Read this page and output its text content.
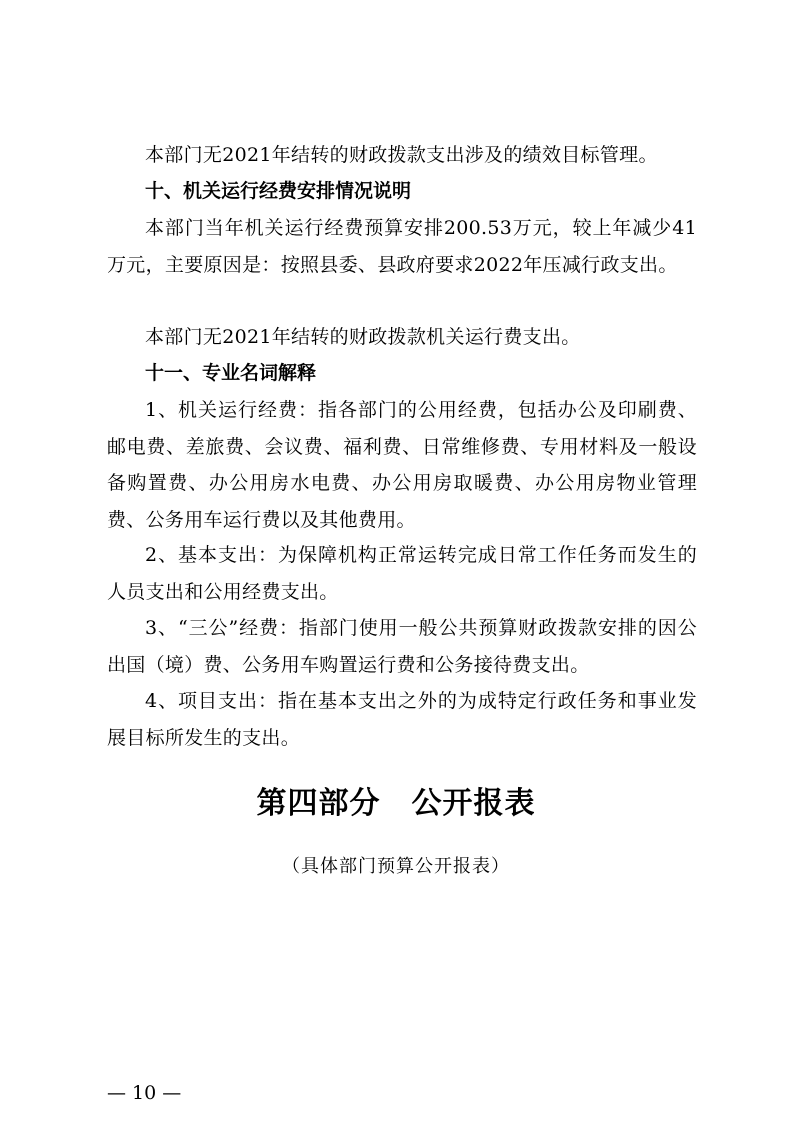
本部门无2021年结转的财政拨款支出涉及的绩效目标管理。

十、机关运行经费安排情况说明

本部门当年机关运行经费预算安排200.53万元，较上年减少41万元，主要原因是：按照县委、县政府要求2022年压减行政支出。

本部门无2021年结转的财政拨款机关运行费支出。

十一、专业名词解释

1、机关运行经费：指各部门的公用经费，包括办公及印刷费、邮电费、差旅费、会议费、福利费、日常维修费、专用材料及一般设备购置费、办公用房水电费、办公用房取暖费、办公用房物业管理费、公务用车运行费以及其他费用。

2、基本支出：为保障机构正常运转完成日常工作任务而发生的人员支出和公用经费支出。

3、“三公”经费：指部门使用一般公共预算财政拨款安排的因公出国（境）费、公务用车购置运行费和公务接待费支出。

4、项目支出：指在基本支出之外的为成特定行政任务和事业发展目标所发生的支出。

第四部分　公开报表

（具体部门预算公开报表）

— 10 —
